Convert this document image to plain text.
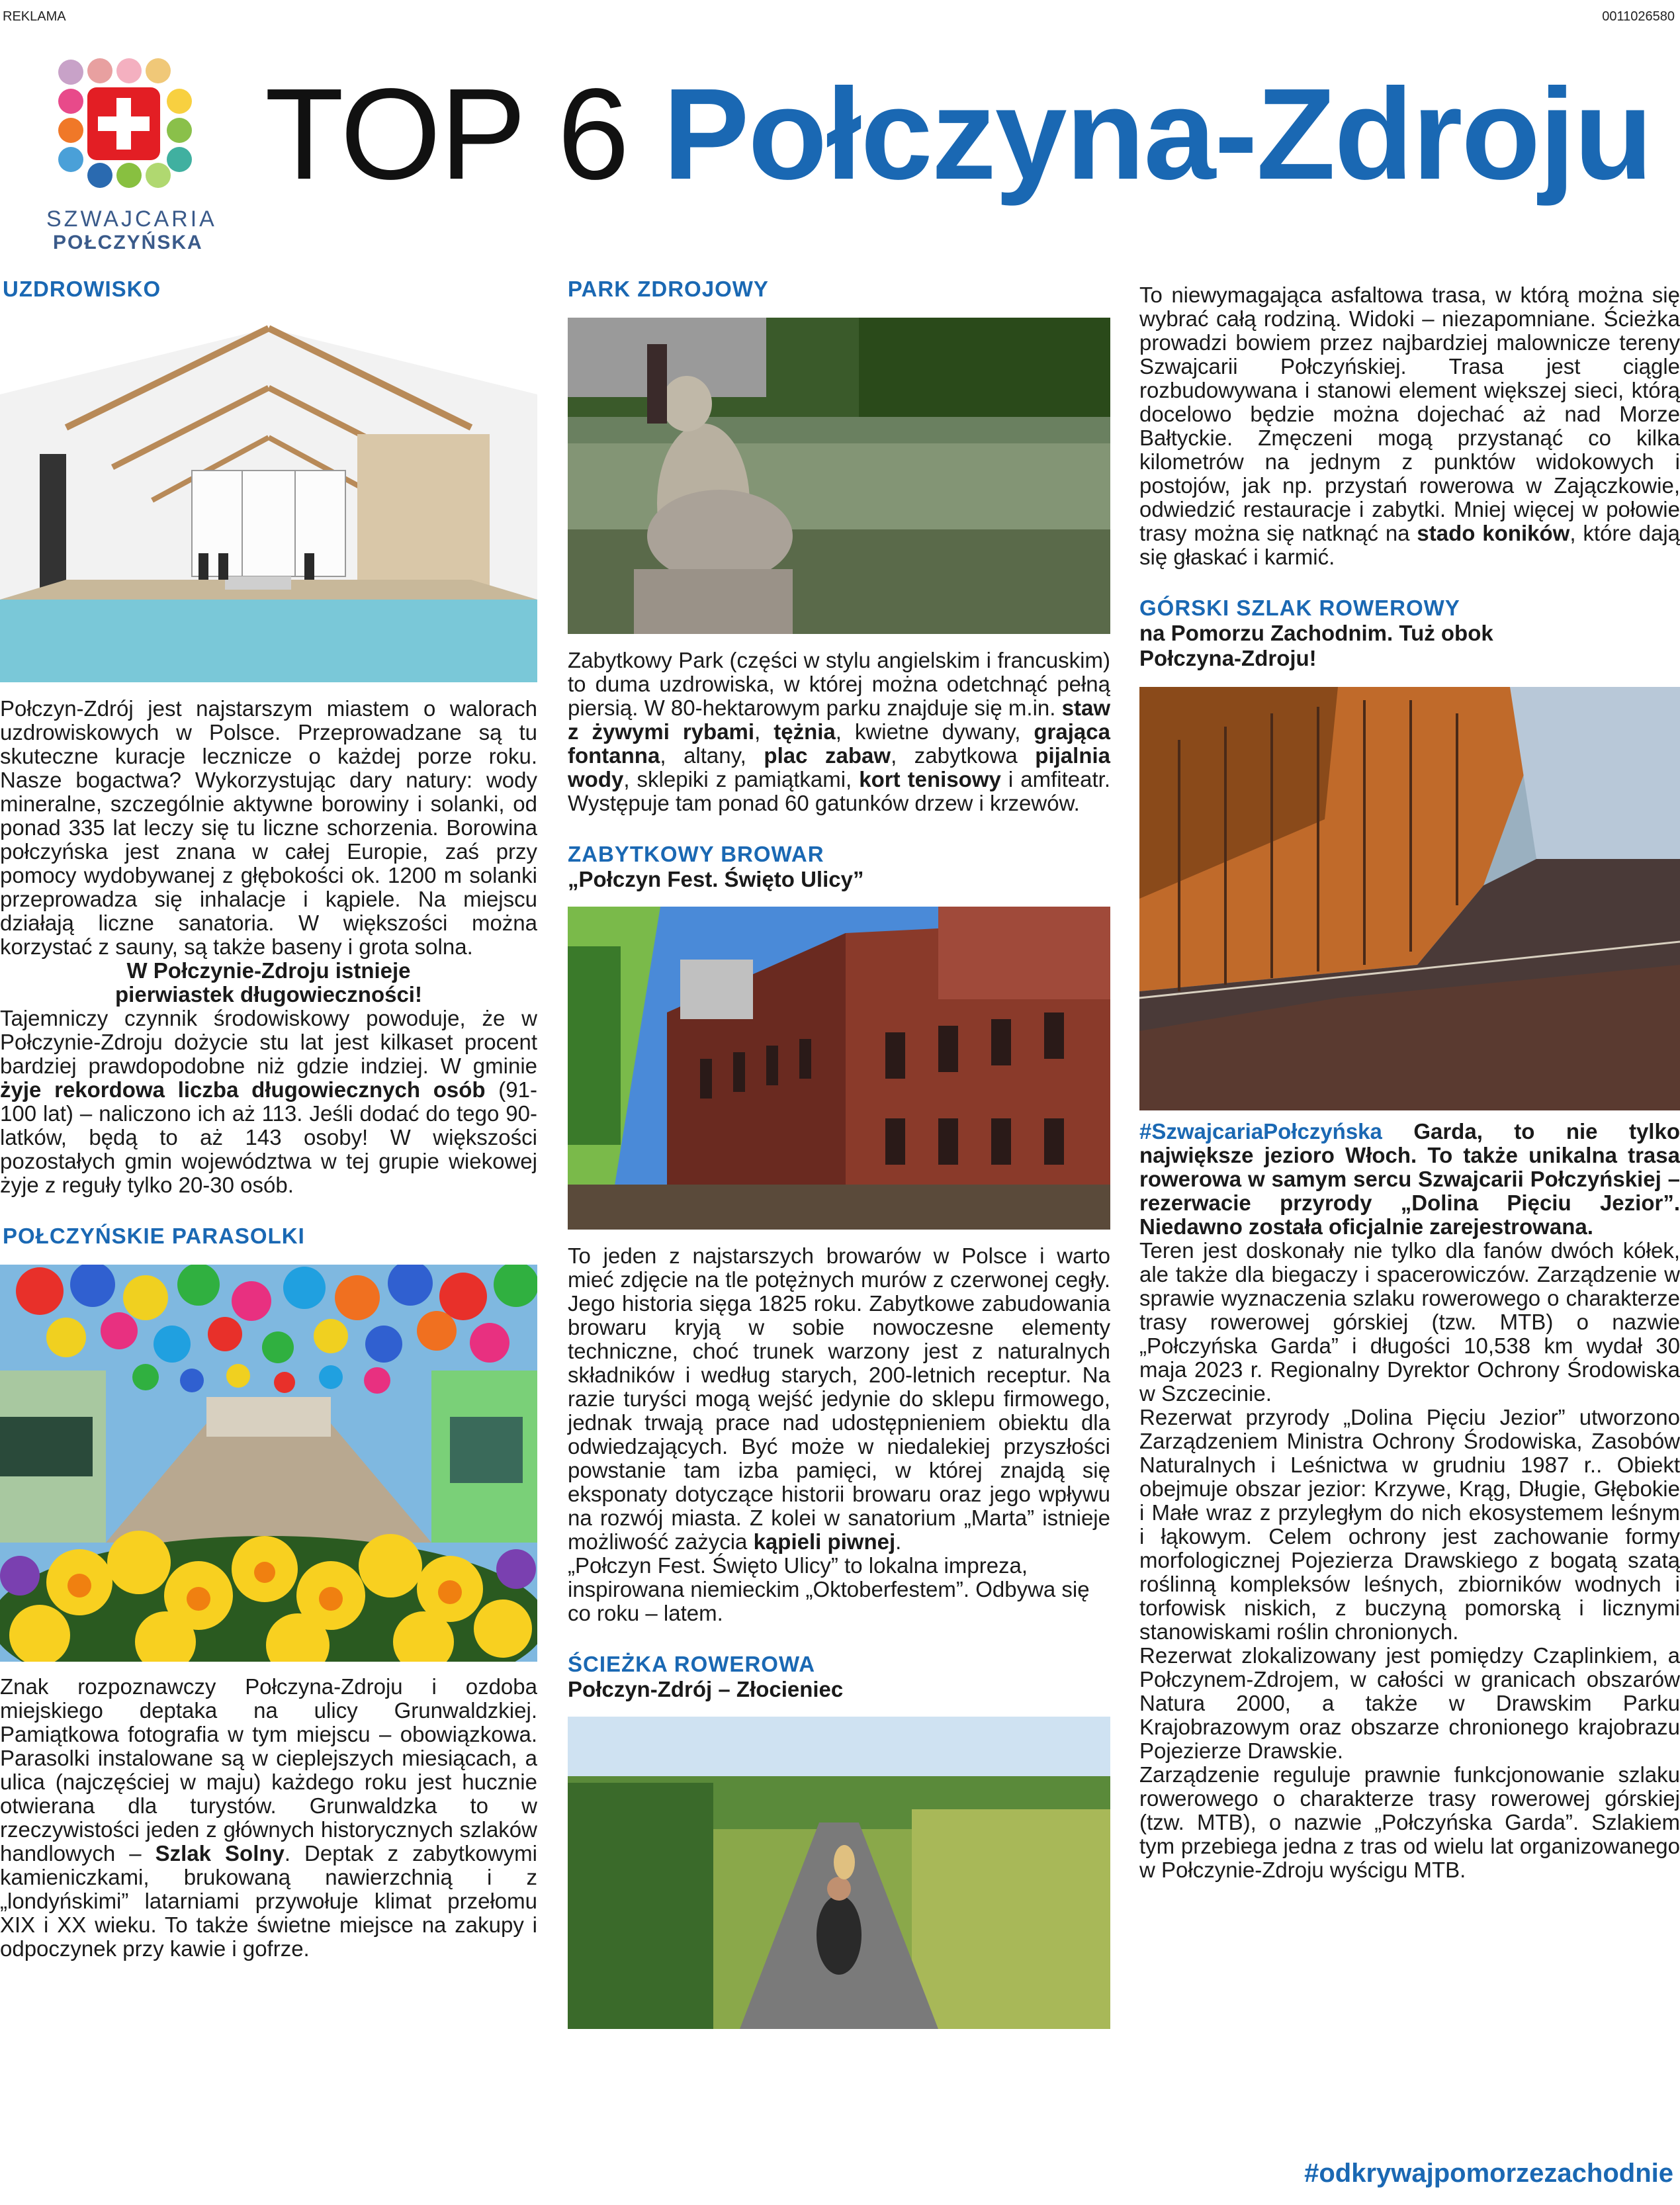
REKLAMA	0011026580
SZWAJCARIA
POŁCZYŃSKA
TOP 6 Połczyna-Zdroju
UZDROWISKO

Połczyn-Zdrój jest najstarszym miastem o walorach uzdrowiskowych w Polsce. Przeprowadzane są tu skuteczne kuracje lecznicze o każdej porze roku. Nasze bogactwa? Wykorzystując dary natury: wody mineralne, szczególnie aktywne borowiny i solanki, od ponad 335 lat leczy się tu liczne schorzenia. Borowina połczyńska jest znana w całej Europie, zaś przy pomocy wydobywanej z głębokości ok. 1200 m solanki przeprowadza się inhalacje i kąpiele. Na miejscu działają liczne sanatoria. W większości można korzystać z sauny, są także baseny i grota solna.

W Połczynie-Zdroju istnieje

pierwiastek długowieczności!

Tajemniczy czynnik środowiskowy powoduje, że w Połczynie-Zdroju dożycie stu lat jest kilkaset procent bardziej prawdopodobne niż gdzie indziej. W gminie żyje rekordowa liczba długowiecznych osób (91-100 lat) – naliczono ich aż 113. Jeśli dodać do tego 90-latków, będą to aż 143 osoby! W większości pozostałych gmin województwa w tej grupie wiekowej żyje z reguły tylko 20-30 osób.

POŁCZYŃSKIE PARASOLKI

Znak rozpoznawczy Połczyna-Zdroju i ozdoba miejskiego deptaka na ulicy Grunwaldzkiej. Pamiątkowa fotografia w tym miejscu – obowiązkowa. Parasolki instalowane są w cieplejszych miesiącach, a ulica (najczęściej w maju) każdego roku jest hucznie otwierana dla turystów. Grunwaldzka to w rzeczywistości jeden z głównych historycznych szlaków handlowych – Szlak Solny. Deptak z zabytkowymi kamieniczkami, brukowaną nawierzchnią i z „londyńskimi” latarniami przywołuje klimat przełomu XIX i XX wieku. To także świetne miejsce na zakupy i odpoczynek przy kawie i gofrze.

PARK ZDROJOWY

Zabytkowy Park (części w stylu angielskim i francuskim) to duma uzdrowiska, w której można odetchnąć pełną piersią. W 80-hektarowym parku znajduje się m.in. staw z żywymi rybami, tężnia, kwietne dywany, grająca fontanna, altany, plac zabaw, zabytkowa pijalnia wody, sklepiki z pamiątkami, kort tenisowy i amfiteatr. Występuje tam ponad 60 gatunków drzew i krzewów.

ZABYTKOWY BROWAR
„Połczyn Fest. Święto Ulicy”

To jeden z najstarszych browarów w Polsce i warto mieć zdjęcie na tle potężnych murów z czerwonej cegły. Jego historia sięga 1825 roku. Zabytkowe zabudowania browaru kryją w sobie nowoczesne elementy techniczne, choć trunek warzony jest z naturalnych składników i według starych, 200-letnich receptur. Na razie turyści mogą wejść jedynie do sklepu firmowego, jednak trwają prace nad udostępnieniem obiektu dla odwiedzających. Być może w niedalekiej przyszłości powstanie tam izba pamięci, w której znajdą się eksponaty dotyczące historii browaru oraz jego wpływu na rozwój miasta. Z kolei w sanatorium „Marta” istnieje możliwość zażycia kąpieli piwnej.

„Połczyn Fest. Święto Ulicy” to lokalna impreza, inspirowana niemieckim „Oktoberfestem”. Odbywa się co roku – latem.

ŚCIEŻKA ROWEROWA
Połczyn-Zdrój – Złocieniec

To niewymagająca asfaltowa trasa, w którą można się wybrać całą rodziną. Widoki – niezapomniane. Ścieżka prowadzi bowiem przez najbardziej malownicze tereny Szwajcarii Połczyńskiej. Trasa jest ciągle rozbudowywana i stanowi element większej sieci, którą docelowo będzie można dojechać aż nad Morze Bałtyckie. Zmęczeni mogą przystanąć co kilka kilometrów na jednym z punktów widokowych i postojów, jak np. przystań rowerowa w Zajączkowie, odwiedzić restauracje i zabytki. Mniej więcej w połowie trasy można się natknąć na stado koników, które dają się głaskać i karmić.

GÓRSKI SZLAK ROWEROWY
na Pomorzu Zachodnim. Tuż obok
Połczyna-Zdroju!

#SzwajcariaPołczyńska Garda, to nie tylko największe jezioro Włoch. To także unikalna trasa rowerowa w samym sercu Szwajcarii Połczyńskiej – rezerwacie przyrody „Dolina Pięciu Jezior”. Niedawno została oficjalnie zarejestrowana.

Teren jest doskonały nie tylko dla fanów dwóch kółek, ale także dla biegaczy i spacerowiczów. Zarządzenie w sprawie wyznaczenia szlaku rowerowego o charakterze trasy rowerowej górskiej (tzw. MTB) o nazwie „Połczyńska Garda” i długości 10,538 km wydał 30 maja 2023 r. Regionalny Dyrektor Ochrony Środowiska w Szczecinie.

Rezerwat przyrody „Dolina Pięciu Jezior” utworzono Zarządzeniem Ministra Ochrony Środowiska, Zasobów Naturalnych i Leśnictwa w grudniu 1987 r.. Obiekt obejmuje obszar jezior: Krzywe, Krąg, Długie, Głębokie i Małe wraz z przyległym do nich ekosystemem leśnym i łąkowym. Celem ochrony jest zachowanie formy morfologicznej Pojezierza Drawskiego z bogatą szatą roślinną kompleksów leśnych, zbiorników wodnych i torfowisk niskich, z buczyną pomorską i licznymi stanowiskami roślin chronionych.

Rezerwat zlokalizowany jest pomiędzy Czaplinkiem, a Połczynem-Zdrojem, w całości w granicach obszarów Natura 2000, a także w Drawskim Parku Krajobrazowym oraz obszarze chronionego krajobrazu Pojezierze Drawskie.

Zarządzenie reguluje prawnie funkcjonowanie szlaku rowerowego o charakterze trasy rowerowej górskiej (tzw. MTB), o nazwie „Połczyńska Garda”. Szlakiem tym przebiega jedna z tras od wielu lat organizowanego w Połczynie-Zdroju wyścigu MTB.

#odkrywajpomorzezachodnie
